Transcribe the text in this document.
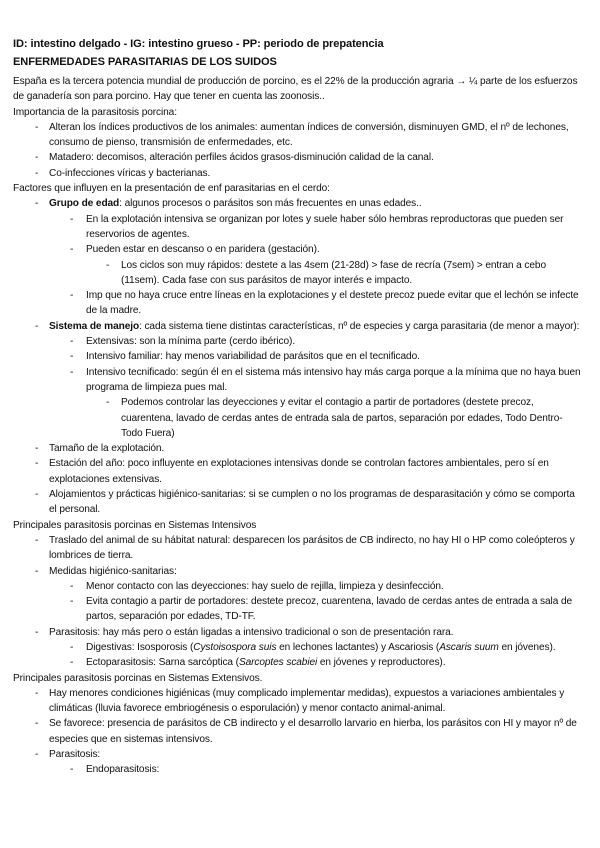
ID: intestino delgado - IG: intestino grueso - PP: periodo de prepatencia
ENFERMEDADES PARASITARIAS DE LOS SUIDOS

España es la tercera potencia mundial de producción de porcino, es el 22% de la producción agraria → ¼ parte de los esfuerzos de ganadería son para porcino. Hay que tener en cuenta las zoonosis..

Importancia de la parasitosis porcina:

- Alteran los índices productivos de los animales: aumentan índices de conversión, disminuyen GMD, el nº de lechones, consumo de pienso, transmisión de enfermedades, etc.
- Matadero: decomisos, alteración perfiles ácidos grasos-disminución calidad de la canal.
- Co-infecciones víricas y bacterianas.

Factores que influyen en la presentación de enf parasitarias en el cerdo:

- Grupo de edad: algunos procesos o parásitos son más frecuentes en unas edades..
- En la explotación intensiva se organizan por lotes y suele haber sólo hembras reproductoras que pueden ser reservorios de agentes.
- Pueden estar en descanso o en paridera (gestación).
- Los ciclos son muy rápidos: destete a las 4sem (21-28d) > fase de recría (7sem) > entran a cebo (11sem). Cada fase con sus parásitos de mayor interés e impacto.
- Imp que no haya cruce entre líneas en la explotaciones y el destete precoz puede evitar que el lechón se infecte de la madre.
- Sistema de manejo: cada sistema tiene distintas características, nº de especies y carga parasitaria (de menor a mayor):
- Extensivas: son la mínima parte (cerdo ibérico).
- Intensivo familiar: hay menos variabilidad de parásitos que en el tecnificado.
- Intensivo tecnificado: según él en el sistema más intensivo hay más carga porque a la mínima que no haya buen programa de limpieza pues mal.
- Podemos controlar las deyecciones y evitar el contagio a partir de portadores (destete precoz, cuarentena, lavado de cerdas antes de entrada sala de partos, separación por edades, Todo Dentro-Todo Fuera)
- Tamaño de la explotación.
- Estación del año: poco influyente en explotaciones intensivas donde se controlan factores ambientales, pero sí en explotaciones extensivas.
- Alojamientos y prácticas higiénico-sanitarias: si se cumplen o no los programas de desparasitación y cómo se comporta el personal.

Principales parasitosis porcinas en Sistemas Intensivos

- Traslado del animal de su hábitat natural: desparecen los parásitos de CB indirecto, no hay HI o HP como coleópteros y lombrices de tierra.
- Medidas higiénico-sanitarias:
- Menor contacto con las deyecciones: hay suelo de rejilla, limpieza y desinfección.
- Evita contagio a partir de portadores: destete precoz, cuarentena, lavado de cerdas antes de entrada a sala de partos, separación por edades, TD-TF.
- Parasitosis: hay más pero o están ligadas a intensivo tradicional o son de presentación rara.
- Digestivas: Isosporosis (Cystoisospora suis en lechones lactantes) y Ascariosis (Ascaris suum en jóvenes).
- Ectoparasitosis: Sarna sarcóptica (Sarcoptes scabiei en jóvenes y reproductores).

Principales parasitosis porcinas en Sistemas Extensivos.

- Hay menores condiciones higiénicas (muy complicado implementar medidas), expuestos a variaciones ambientales y climáticas (lluvia favorece embriogénesis o esporulación) y menor contacto animal-animal.
- Se favorece: presencia de parásitos de CB indirecto y el desarrollo larvario en hierba, los parásitos con HI y mayor nº de especies que en sistemas intensivos.
- Parasitosis:
- Endoparasitosis:
